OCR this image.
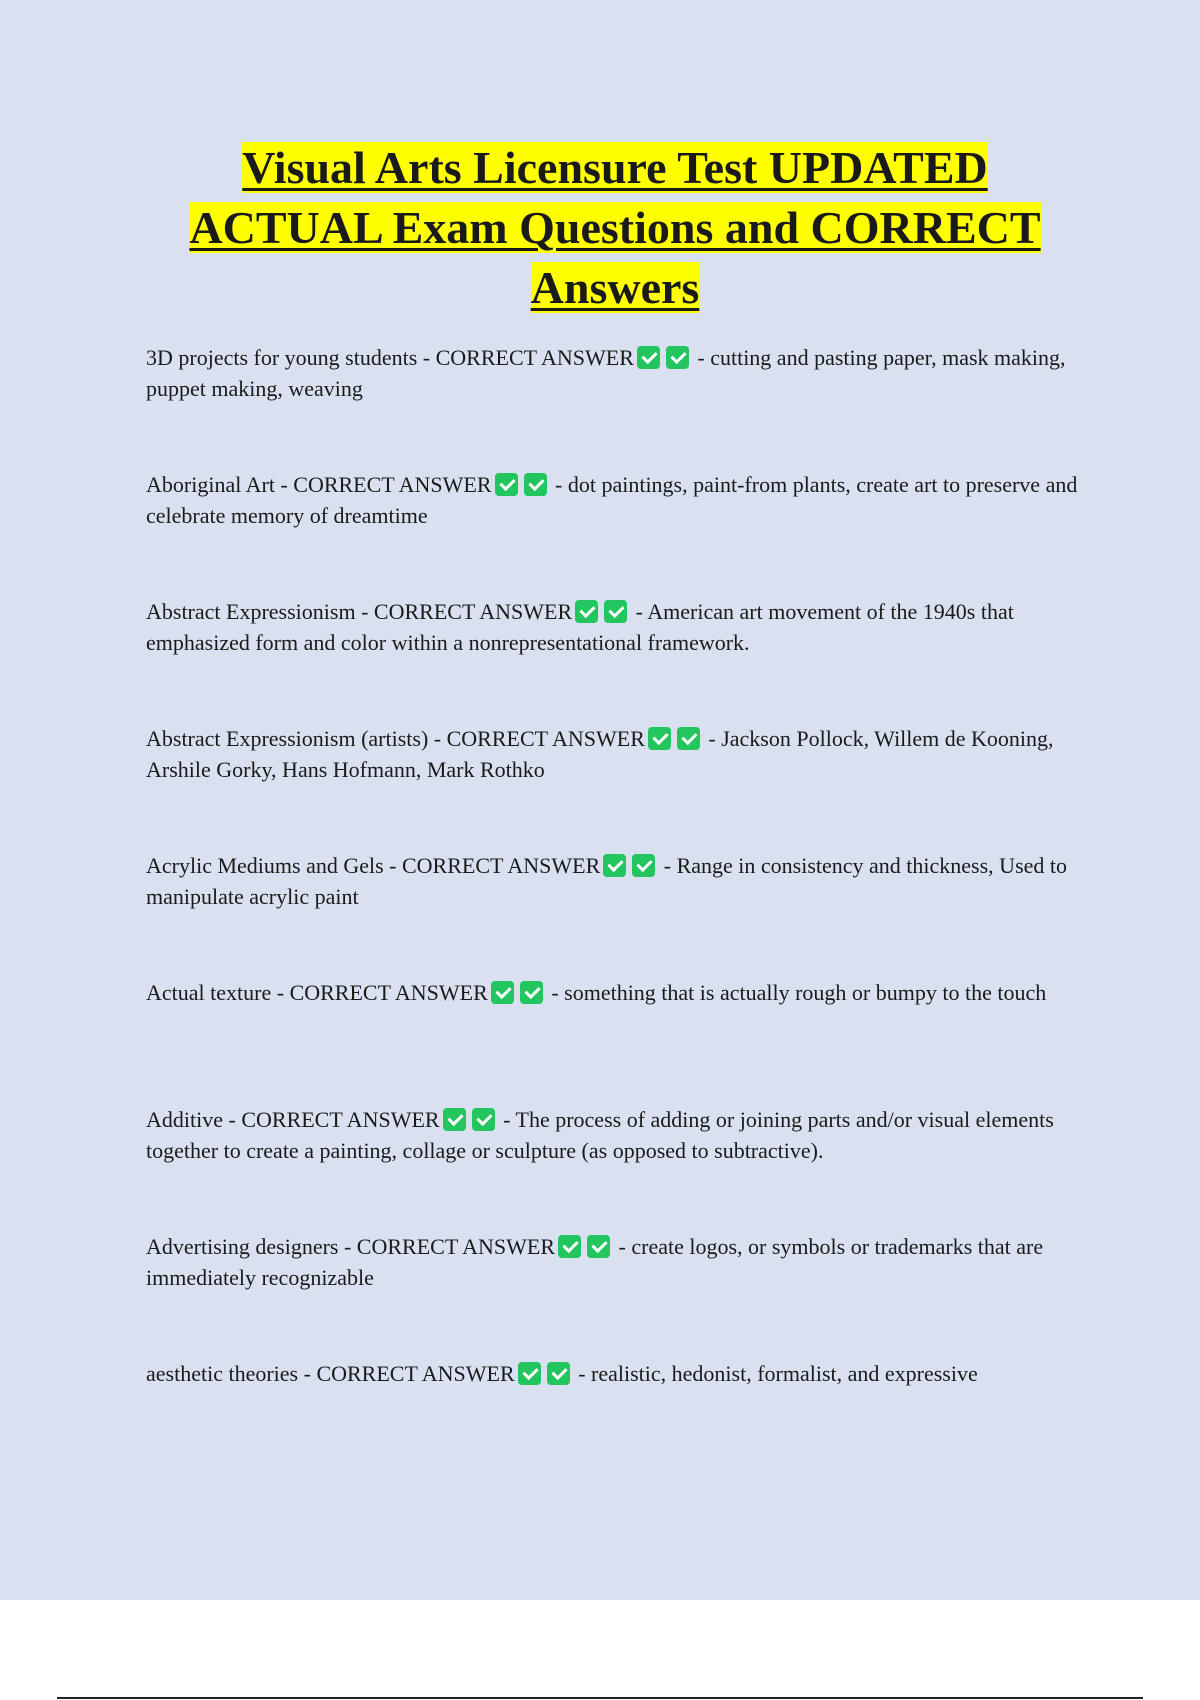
Visual Arts Licensure Test UPDATED
ACTUAL Exam Questions and CORRECT
Answers
3D projects for young students - CORRECT ANSWER	- cutting and pasting paper, mask making, puppet making, weaving
Aboriginal Art - CORRECT ANSWER	- dot paintings, paint-from plants, create art to preserve and celebrate memory of dreamtime
Abstract Expressionism - CORRECT ANSWER	- American art movement of the 1940s that emphasized form and color within a nonrepresentational framework.
Abstract Expressionism (artists) - CORRECT ANSWER	- Jackson Pollock, Willem de Kooning, Arshile Gorky, Hans Hofmann, Mark Rothko
Acrylic Mediums and Gels - CORRECT ANSWER	- Range in consistency and thickness, Used to manipulate acrylic paint
Actual texture - CORRECT ANSWER	- something that is actually rough or bumpy to the touch
Additive - CORRECT ANSWER	- The process of adding or joining parts and/or visual elements together to create a painting, collage or sculpture (as opposed to subtractive).
Advertising designers - CORRECT ANSWER	- create logos, or symbols or trademarks that are immediately recognizable
aesthetic theories - CORRECT ANSWER	- realistic, hedonist, formalist, and expressive
